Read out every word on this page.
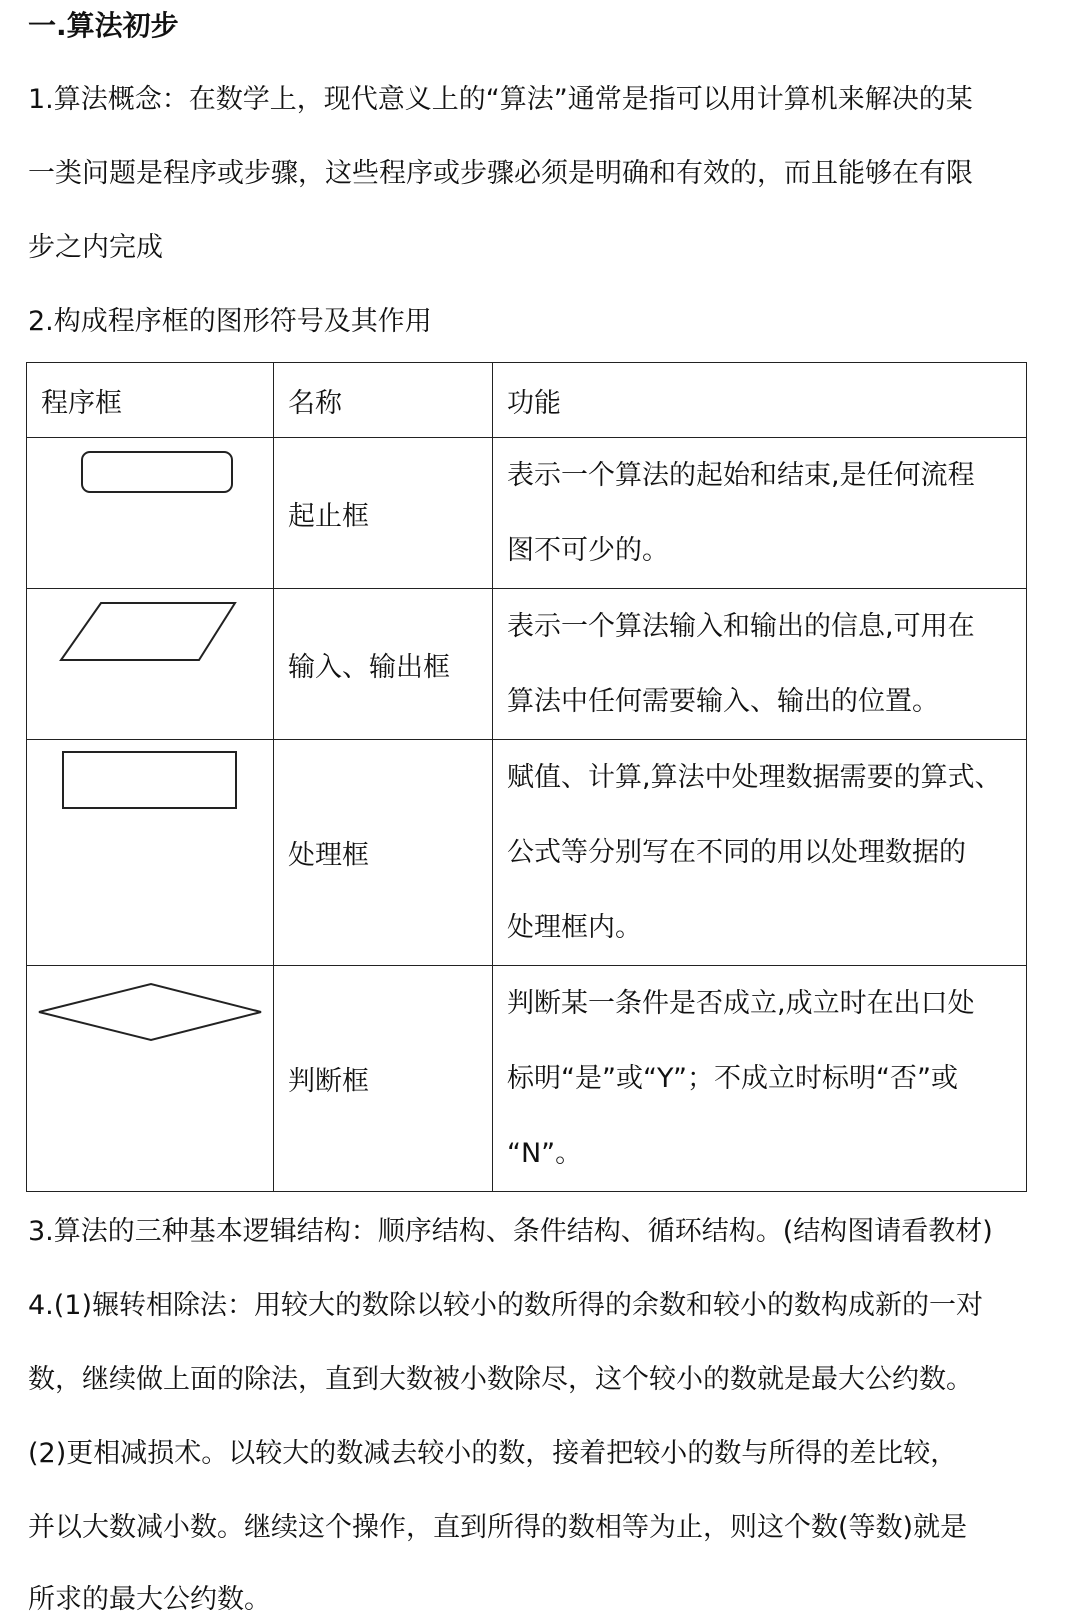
一.算法初步

1.算法概念：在数学上，现代意义上的“算法”通常是指可以用计算机来解决的某

一类问题是程序或步骤，这些程序或步骤必须是明确和有效的，而且能够在有限

步之内完成

2.构成程序框的图形符号及其作用

程序框	名称	功能

	起止框	表示一个算法的起始和结束,是任何流程
图不可少的。

	输入、输出框	表示一个算法输入和输出的信息,可用在
算法中任何需要输入、输出的位置。

	处理框	赋值、计算,算法中处理数据需要的算式、
公式等分别写在不同的用以处理数据的
处理框内。

	判断框	判断某一条件是否成立,成立时在出口处
标明“是”或“Y”；不成立时标明“否”或
“N”。

3.算法的三种基本逻辑结构：顺序结构、条件结构、循环结构。(结构图请看教材)

4.(1)辗转相除法：用较大的数除以较小的数所得的余数和较小的数构成新的一对

数，继续做上面的除法，直到大数被小数除尽，这个较小的数就是最大公约数。

(2)更相减损术。以较大的数减去较小的数，接着把较小的数与所得的差比较，

并以大数减小数。继续这个操作，直到所得的数相等为止，则这个数(等数)就是

所求的最大公约数。
